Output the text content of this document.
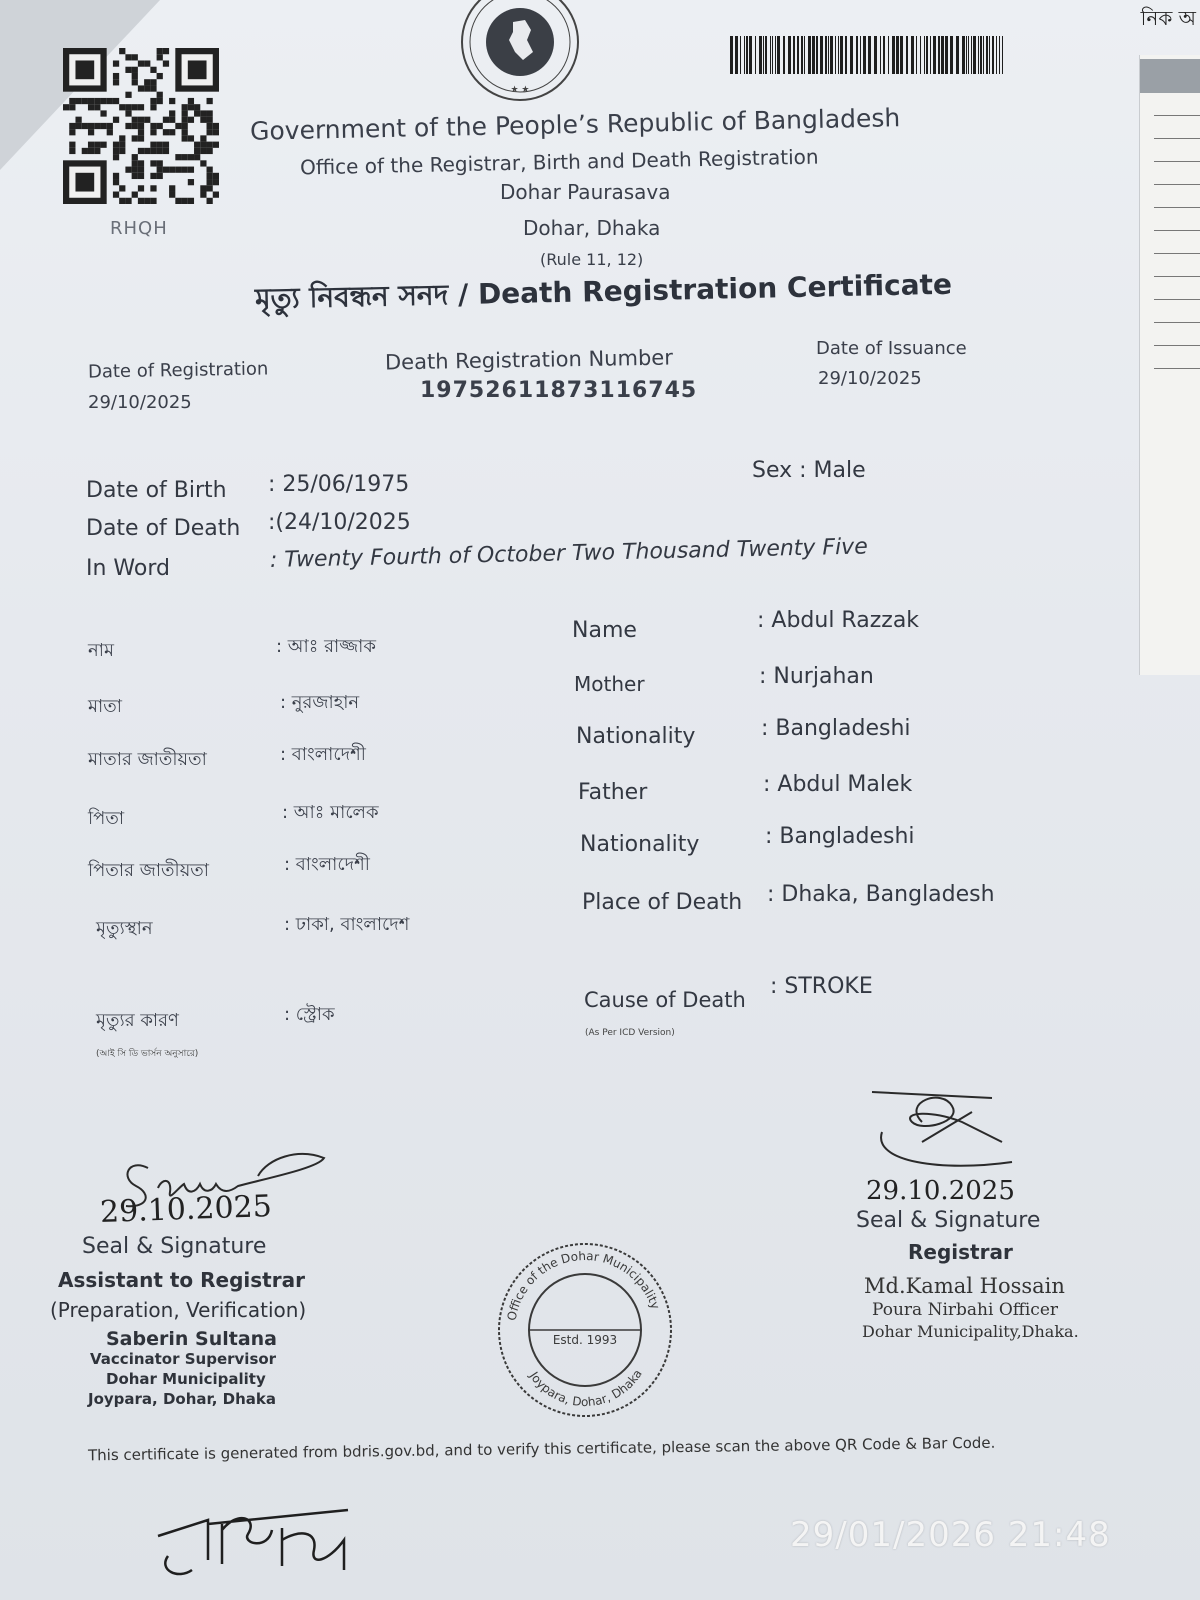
নিক অ
RHQH
★ ★
Government of the People’s Republic of Bangladesh
Office of the Registrar, Birth and Death Registration
Dohar Paurasava
Dohar, Dhaka
(Rule 11, 12)
মৃত্যু নিবন্ধন সনদ / Death Registration Certificate
Date of Registration
29/10/2025
Death Registration Number
19752611873116745
Date of Issuance
29/10/2025
Date of Birth : 25/06/1975
Date of Death :(24/10/2025
In Word	: Twenty Fourth of October Two Thousand Twenty Five
Sex : Male
নাম	: আঃ রাজ্জাক
মাতা	: নুরজাহান
মাতার জাতীয়তা	: বাংলাদেশী
পিতা	: আঃ মালেক
পিতার জাতীয়তা	: বাংলাদেশী
মৃত্যুস্থান	: ঢাকা, বাংলাদেশ
মৃত্যুর কারণ	: স্ট্রোক
(আই সি ডি ভার্সন অনুসারে)
Name	: Abdul Razzak
Mother	: Nurjahan
Nationality	: Bangladeshi
Father	: Abdul Malek
Nationality	: Bangladeshi
Place of Death : Dhaka, Bangladesh
Cause of Death
: STROKE
(As Per ICD Version)
29.10.2025
Seal & Signature
Assistant to Registrar
(Preparation, Verification)
Saberin Sultana
Vaccinator Supervisor
Dohar Municipality
Joypara, Dohar, Dhaka
29.10.2025
Seal & Signature
Registrar
Md.Kamal Hossain
Poura Nirbahi Officer
Dohar Municipality,Dhaka.
Office of the Dohar Municipality
Estd. 1993
Joypara, Dohar, Dhaka
This certificate is generated from bdris.gov.bd, and to verify this certificate, please scan the above QR Code & Bar Code.
29/01/2026 21:48
